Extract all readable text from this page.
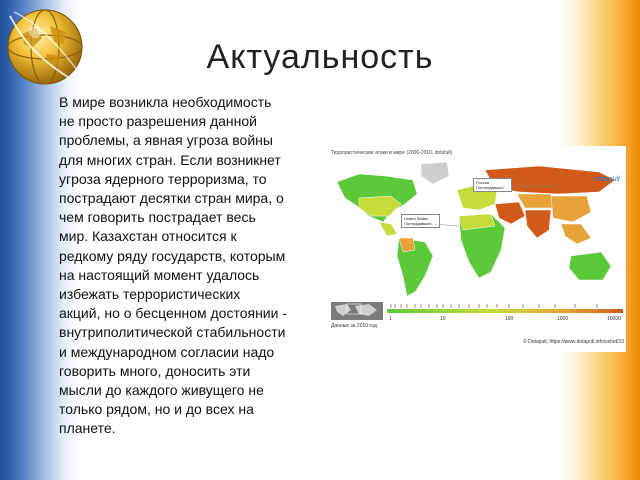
Актуальность
В мире возникла необходимость
не просто разрешения данной
проблемы, а явная угроза войны
для многих стран. Если возникнет
угроза ядерного терроризма, то
пострадают десятки стран мира, о
чем говорить пострадает весь
мир. Казахстан относится к
редкому ряду государств, которым
на настоящий момент удалось
избежать террористических
акций, но о бесценном достоянии -
внутриполитической стабильности
и международном согласии надо
говорить много, доносить эти
мысли до каждого живущего не
только рядом, но и до всех на
планете.
Террористические атаки в мире (2000-2010, dotsfull)
dotapult
Россия
Пострадавших: ...
United States
Пострадавших: ...
1	10	100	1000	10000
Данные за 2010 год
© Dotapult, https://www.dotapult.info/sshot/33
